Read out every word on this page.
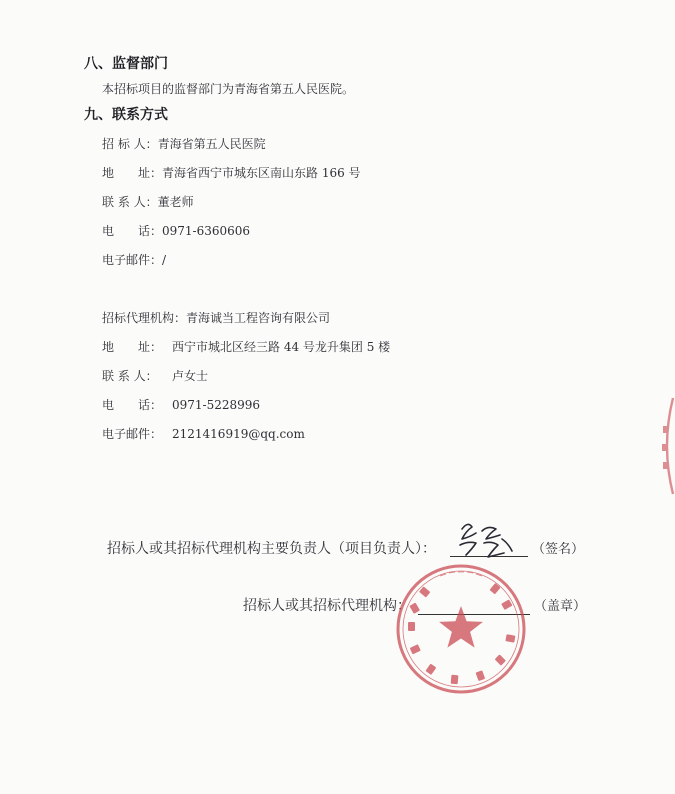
八、监督部门
本招标项目的监督部门为青海省第五人民医院。
九、联系方式
招 标 人：青海省第五人民医院
地　　址：青海省西宁市城东区南山东路 166 号
联 系 人：董老师
电　　话：0971-6360606
电子邮件：/
招标代理机构：青海诚当工程咨询有限公司
地　　址： 西宁市城北区经三路 44 号龙升集团 5 楼
联 系 人： 卢女士
电　　话： 0971-5228996
电子邮件： 2121416919@qq.com
招标人或其招标代理机构主要负责人（项目负责人）：	（签名）
招标人或其招标代理机构：	（盖章）
